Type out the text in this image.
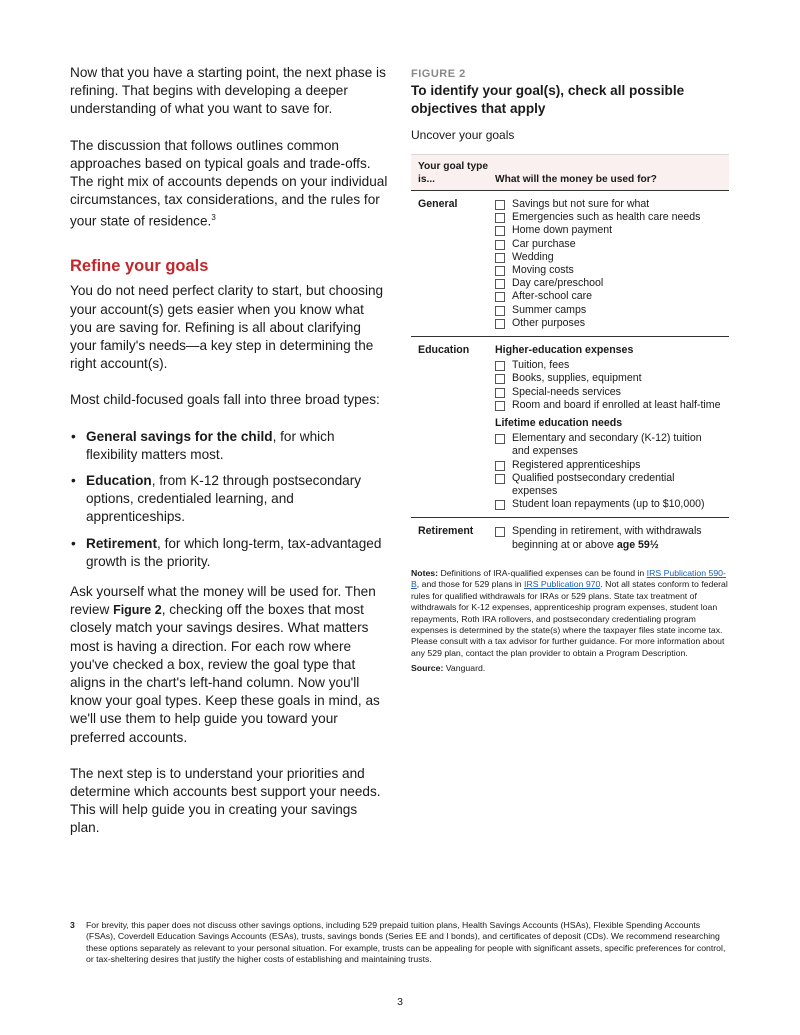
Now that you have a starting point, the next phase is refining. That begins with developing a deeper understanding of what you want to save for.

The discussion that follows outlines common approaches based on typical goals and trade-offs. The right mix of accounts depends on your individual circumstances, tax considerations, and the rules for your state of residence.$^3$

Refine your goals

You do not need perfect clarity to start, but choosing your account(s) gets easier when you know what you are saving for. Refining is all about clarifying your family's needs—a key step in determining the right account(s).

Most child-focused goals fall into three broad types:

• General savings for the child, for which flexibility matters most.
• Education, from K-12 through postsecondary options, credentialed learning, and apprenticeships.
• Retirement, for which long-term, tax-advantaged growth is the priority.

Ask yourself what the money will be used for. Then review Figure 2, checking off the boxes that most closely match your savings desires. What matters most is having a direction. For each row where you've checked a box, review the goal type that aligns in the chart's left-hand column. Now you'll know your goal types. Keep these goals in mind, as we'll use them to help guide you toward your preferred accounts.

The next step is to understand your priorities and determine which accounts best support your needs. This will help guide you in creating your savings plan.

FIGURE 2
To identify your goal(s), check all possible objectives that apply
Uncover your goals
Your goal type is...	What will the money be used for?
General	Savings but not sure for what
Emergencies such as health care needs
Home down payment
Car purchase
Wedding
Moving costs
Day care/preschool
After-school care
Summer camps
Other purposes
Education	Higher-education expenses
Tuition, fees
Books, supplies, equipment
Special-needs services
Room and board if enrolled at least half-time
Lifetime education needs
Elementary and secondary (K-12) tuition and expenses
Registered apprenticeships
Qualified postsecondary credential expenses
Student loan repayments (up to $10,000)
Retirement	Spending in retirement, with withdrawals beginning at or above age 59½
Notes: Definitions of IRA-qualified expenses can be found in IRS Publication 590-B, and those for 529 plans in IRS Publication 970. Not all states conform to federal rules for qualified withdrawals for IRAs or 529 plans. State tax treatment of withdrawals for K-12 expenses, apprenticeship program expenses, student loan repayments, Roth IRA rollovers, and postsecondary credentialing program expenses is determined by the state(s) where the taxpayer files state income tax. Please consult with a tax advisor for further guidance. For more information about any 529 plan, contact the plan provider to obtain a Program Description.
Source: Vanguard.
3	For brevity, this paper does not discuss other savings options, including 529 prepaid tuition plans, Health Savings Accounts (HSAs), Flexible Spending Accounts (FSAs), Coverdell Education Savings Accounts (ESAs), trusts, savings bonds (Series EE and I bonds), and certificates of deposit (CDs). We recommend researching these options separately as relevant to your personal situation. For example, trusts can be appealing for people with significant assets, specific preferences for control, or tax-sheltering desires that justify the higher costs of establishing and maintaining trusts.
3
